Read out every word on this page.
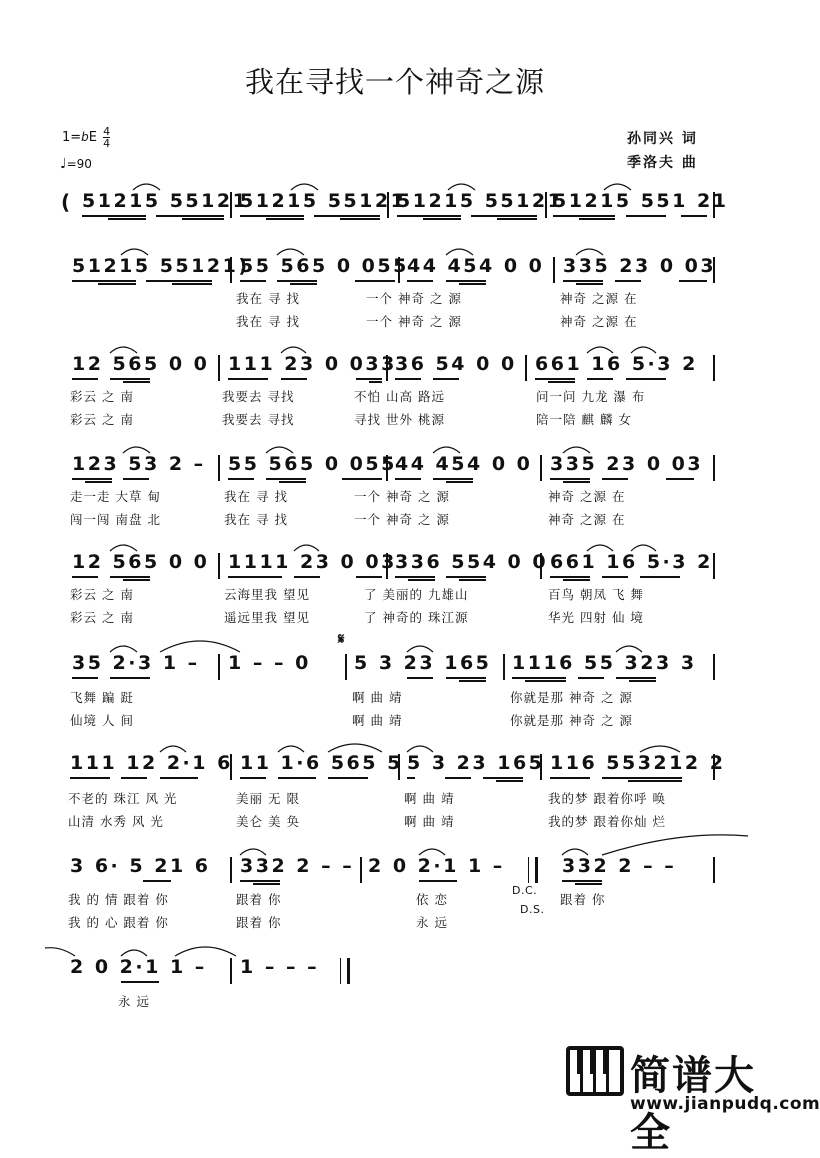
我在寻找一个神奇之源
$1=bE \frac{4}{4}$
♩=90
孙同兴 词
季洛夫 曲
( 51215 55121
51215 55121
51215 55121
51215 551 21
51215 55121)
55 565 0 055
44 454 0 0 335 23 0 03
我在 寻 找	一个 神奇 之 源	神奇 之源 在
我在 寻 找	一个 神奇 之 源	神奇 之源 在
12 565 0 0 111 23 0 033
36 54 0 0 661 16 5·3 2
彩云 之 南	我要去 寻找	不怕 山高 路远	问一问 九龙 瀑 布
彩云 之 南	我要去 寻找	寻找 世外 桃源	陪一陪 麒 麟 女
123 53 2 – 55 565 0 055
44 454 0 0 335 23 0 03
走一走 大草 甸	我在 寻 找	一个 神奇 之 源	神奇 之源 在
闯一闯 南盘 北	我在 寻 找	一个 神奇 之 源	神奇 之源 在
12 565 0 0 1111 23 0 03
336 554 0 0 661 16 5·3 2
彩云 之 南	云海里我 望见	了 美丽的 九雄山	百鸟 朝凤 飞 舞
彩云 之 南	遥远里我 望见	了 神奇的 珠江源	华光 四射 仙 境
𝄋
35 2·3 1 – 1 – – 0 5 3 23 165 1116 55 323 3
飞舞 蹁 跹	啊 曲 靖	你就是那 神奇 之 源
仙境 人 间	啊 曲 靖	你就是那 神奇 之 源
111 12 2·1 6 11 1·6 565 5 5 3 23 165 116 553212 2
不老的 珠江 风 光	美丽 无 限	啊 曲 靖	我的梦 跟着你呼 唤
山清 水秀 风 光	美仑 美 奂	啊 曲 靖	我的梦 跟着你灿 烂
3 6· 5 21 6 332 2 – – 2 0 2·1 1 –	332 2 – –
我 的 情 跟着 你	跟着 你	依 恋	跟着 你
我 的 心 跟着 你	跟着 你	永 远
D.C.
D.S.
2 0 2·1 1 – 1 – – –
永 远
简谱大全
www.jianpudq.com
